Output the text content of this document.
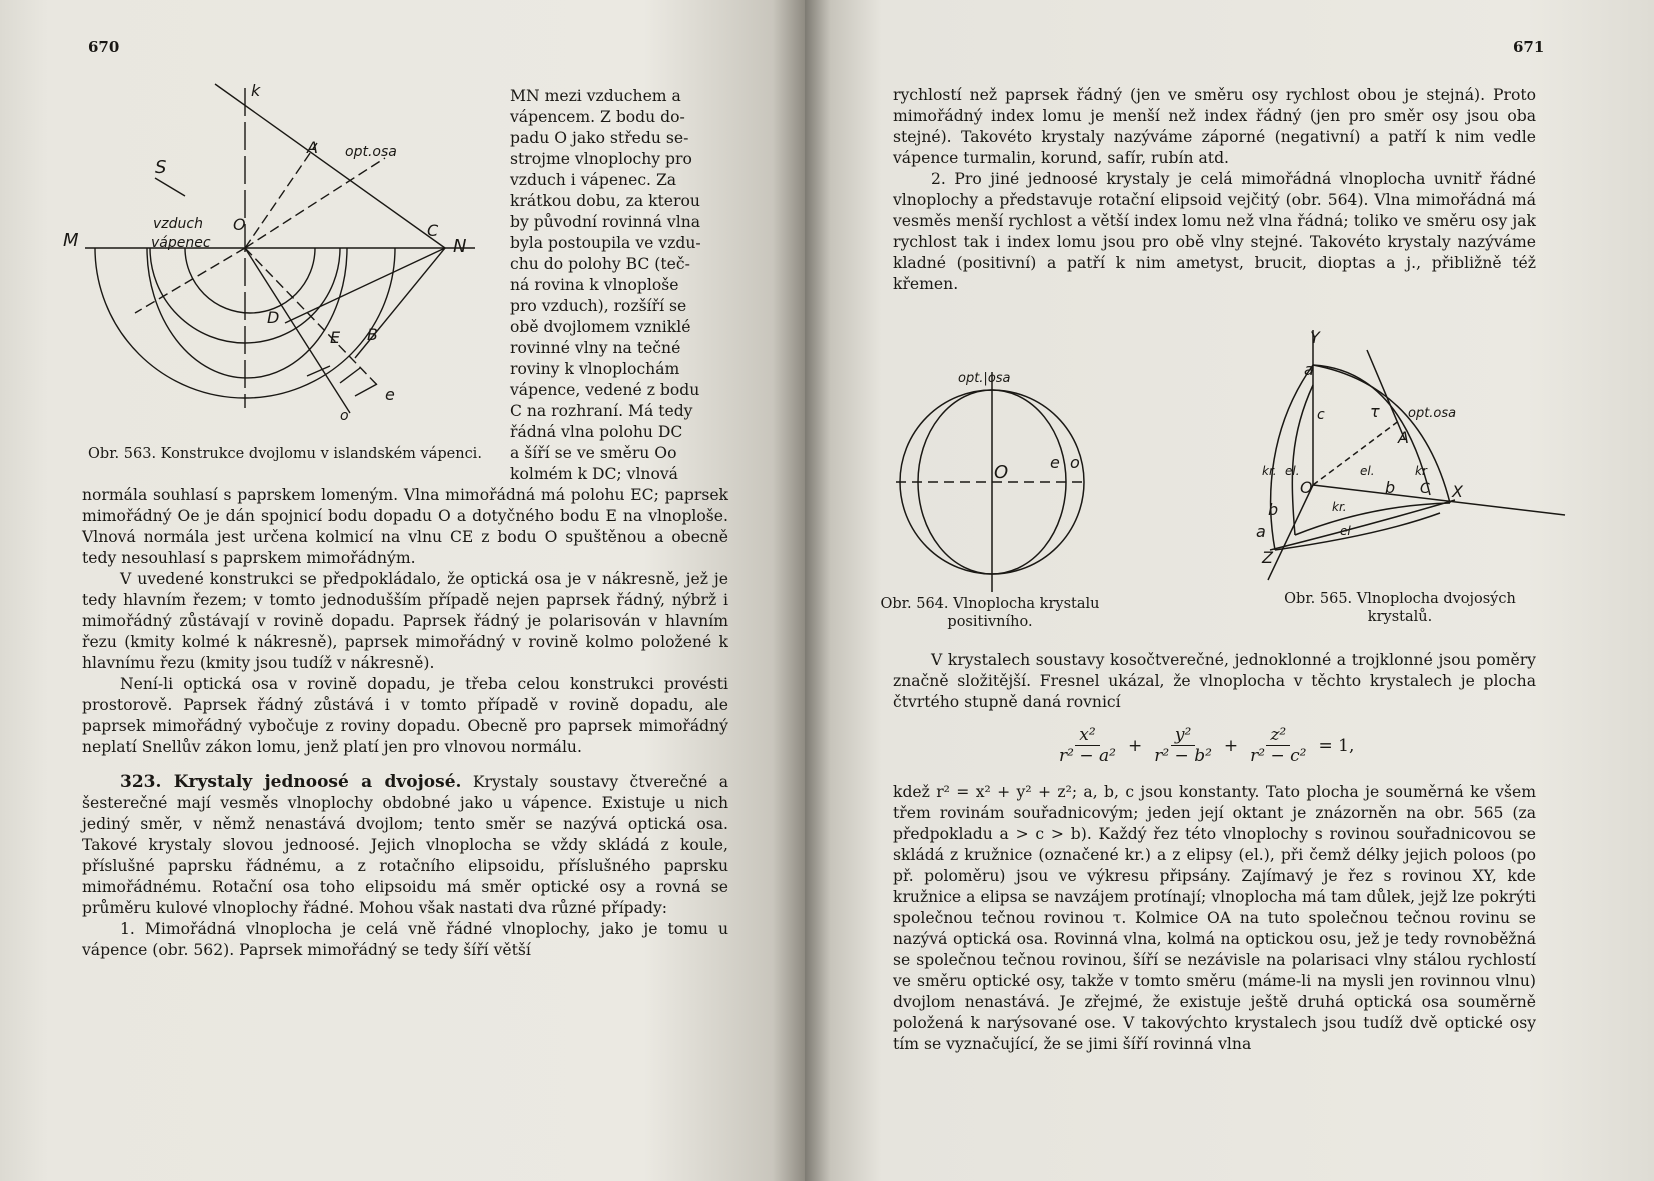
670
k
opt.osa
S
A
vzduch
vápenec
O	C
M	N
D
E B
e
o
Obr. 563. Konstrukce dvojlomu v islandském vápenci.
MN mezi vzduchem a
vápencem. Z bodu do-
padu O jako středu se-
strojme vlnoplochy pro
vzduch i vápenec. Za
krátkou dobu, za kterou
by původní rovinná vlna
byla postoupila ve vzdu-
chu do polohy BC (teč-
ná rovina k vlnoploše
pro vzduch), rozšíří se
obě dvojlomem vzniklé
rovinné vlny na tečné
roviny k vlnoplochám
vápence, vedené z bodu
C na rozhraní. Má tedy
řádná vlna polohu DC
a šíří se ve směru Oo
kolmém k DC; vlnová

normála souhlasí s paprskem lomeným. Vlna mimořádná má polohu EC; paprsek mimořádný Oe je dán spojnicí bodu dopadu O a dotyčného bodu E na vlnoploše. Vlnová normála jest určena kolmicí na vlnu CE z bodu O spuštěnou a obecně tedy nesouhlasí s paprskem mimořádným.

V uvedené konstrukci se předpokládalo, že optická osa je v nákresně, jež je tedy hlavním řezem; v tomto jednodušším případě nejen paprsek řádný, nýbrž i mimořádný zůstávají v rovině dopadu. Paprsek řádný je polarisován v hlavním řezu (kmity kolmé k nákresně), paprsek mimořádný v rovině kolmo položené k hlavnímu řezu (kmity jsou tudíž v nákresně).

Není-li optická osa v rovině dopadu, je třeba celou konstrukci provésti prostorově. Paprsek řádný zůstává i v tomto případě v rovině dopadu, ale paprsek mimořádný vybočuje z roviny dopadu. Obecně pro paprsek mimořádný neplatí Snellův zákon lomu, jenž platí jen pro vlnovou normálu.

323. Krystaly jednoosé a dvojosé. Krystaly soustavy čtverečné a šesterečné mají vesměs vlnoplochy obdobné jako u vápence. Existuje u nich jediný směr, v němž nenastává dvojlom; tento směr se nazývá optická osa. Takové krystaly slovou jednoosé. Jejich vlnoplocha se vždy skládá z koule, příslušné paprsku řádnému, a z rotačního elipsoidu, příslušného paprsku mimořádnému. Rotační osa toho elipsoidu má směr optické osy a rovná se průměru kulové vlnoplochy řádné. Mohou však nastati dva různé případy:

1. Mimořádná vlnoplocha je celá vně řádné vlnoplochy, jako je tomu u vápence (obr. 562). Paprsek mimořádný se tedy šíří větší

671

rychlostí než paprsek řádný (jen ve směru osy rychlost obou je stejná). Proto mimořádný index lomu je menší než index řádný (jen pro směr osy jsou oba stejné). Takovéto krystaly nazýváme záporné (negativní) a patří k nim vedle vápence turmalin, korund, safír, rubín atd.

2. Pro jiné jednoosé krystaly je celá mimořádná vlnoplocha uvnitř řádné vlnoplochy a představuje rotační elipsoid vejčitý (obr. 564). Vlna mimořádná má vesměs menší rychlost a větší index lomu než vlna řádná; toliko ve směru osy jak rychlost tak i index lomu jsou pro obě vlny stejné. Takovéto krystaly nazýváme kladné (positivní) a patří k nim ametyst, brucit, dioptas a j., přibližně též křemen.

opt.|osa
O	e o
Obr. 564. Vlnoplocha krystalu positivního.
Y
a
c	τ opt.osa
A
kr. el.
O
el.	kr
b C X
b	kr.
a	el
Z
Obr. 565. Vlnoplocha dvojosých krystalů.
V krystalech soustavy kosočtverečné, jednoklonné a trojklonné jsou poměry značně složitější. Fresnel ukázal, že vlnoplocha v těchto krystalech je plocha čtvrtého stupně daná rovnicí
$\frac{\text{x²}}{\text{r² − a²}} + \frac{\text{y²}}{\text{r² − b²}} + \frac{\text{z²}}{\text{r² − c²}} = 1$,
kdež r² = x² + y² + z²; a, b, c jsou konstanty. Tato plocha je souměrná ke všem třem rovinám souřadnicovým; jeden její oktant je znázorněn na obr. 565 (za předpokladu a > c > b). Každý řez této vlnoplochy s rovinou souřadnicovou se skládá z kružnice (označené kr.) a z elipsy (el.), při čemž délky jejich poloos (po př. poloměru) jsou ve výkresu připsány. Zajímavý je řez s rovinou XY, kde kružnice a elipsa se navzájem protínají; vlnoplocha má tam důlek, jejž lze pokrýti společnou tečnou rovinou τ. Kolmice OA na tuto společnou tečnou rovinu se nazývá optická osa. Rovinná vlna, kolmá na optickou osu, jež je tedy rovnoběžná se společnou tečnou rovinou, šíří se nezávisle na polarisaci vlny stálou rychlostí ve směru optické osy, takže v tomto směru (máme-li na mysli jen rovinnou vlnu) dvojlom nenastává. Je zřejmé, že existuje ještě druhá optická osa souměrně položená k narýsované ose. V takovýchto krystalech jsou tudíž dvě optické osy tím se vyznačující, že se jimi šíří rovinná vlna
